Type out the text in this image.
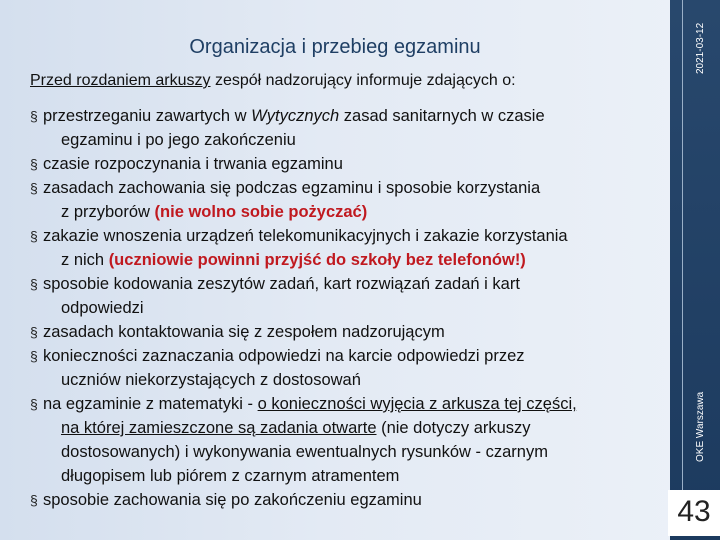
Organizacja i przebieg egzaminu
Przed rozdaniem arkuszy zespół nadzorujący informuje zdających o:
§ przestrzeganiu zawartych w Wytycznych zasad sanitarnych w czasie
egzaminu i po jego zakończeniu
§ czasie rozpoczynania i trwania egzaminu
§ zasadach zachowania się podczas egzaminu i sposobie korzystania
z przyborów (nie wolno sobie pożyczać)
§ zakazie wnoszenia urządzeń telekomunikacyjnych i zakazie korzystania
z nich (uczniowie powinni przyjść do szkoły bez telefonów!)
§ sposobie kodowania zeszytów zadań, kart rozwiązań zadań i kart
odpowiedzi
§ zasadach kontaktowania się z zespołem nadzorującym
§ konieczności zaznaczania odpowiedzi na karcie odpowiedzi przez
uczniów niekorzystających z dostosowań
§ na egzaminie z matematyki - o konieczności wyjęcia z arkusza tej części,
na której zamieszczone są zadania otwarte (nie dotyczy arkuszy
dostosowanych) i wykonywania ewentualnych rysunków - czarnym
długopisem lub piórem z czarnym atramentem
§ sposobie zachowania się po zakończeniu egzaminu
2021-03-12
OKE Warszawa
43
